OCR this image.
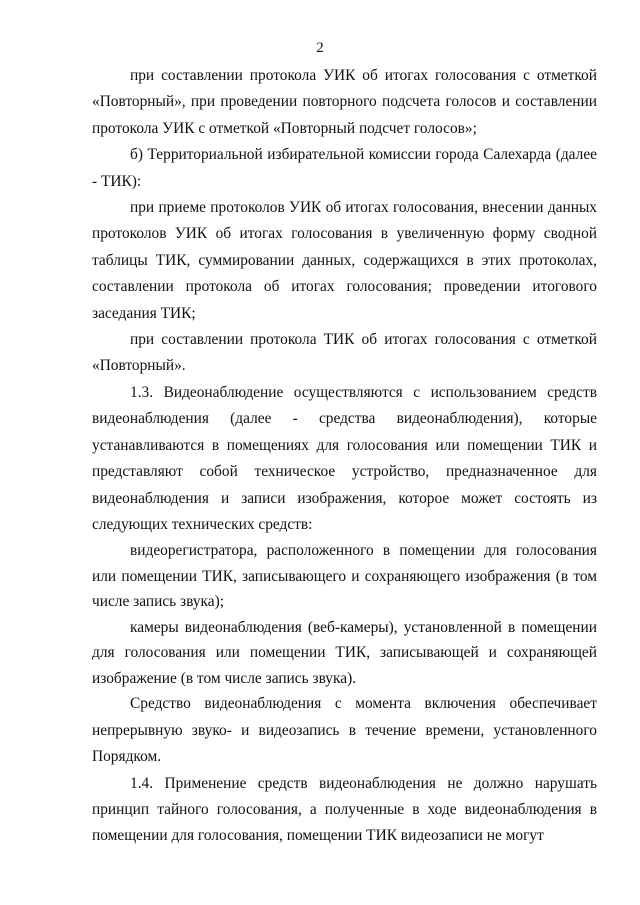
2

при составлении протокола УИК об итогах голосования с отметкой «Повторный», при проведении повторного подсчета голосов и составлении протокола УИК с отметкой «Повторный подсчет голосов»;

б) Территориальной избирательной комиссии города Салехарда (далее - ТИК):

при приеме протоколов УИК об итогах голосования, внесении данных протоколов УИК об итогах голосования в увеличенную форму сводной таблицы ТИК, суммировании данных, содержащихся в этих протоколах, составлении протокола об итогах голосования; проведении итогового заседания ТИК;

при составлении протокола ТИК об итогах голосования с отметкой «Повторный».

1.3. Видеонаблюдение осуществляются с использованием средств видеонаблюдения (далее - средства видеонаблюдения), которые устанавливаются в помещениях для голосования или помещении ТИК и представляют собой техническое устройство, предназначенное для видеонаблюдения и записи изображения, которое может состоять из следующих технических средств:

видеорегистратора, расположенного в помещении для голосования или помещении ТИК, записывающего и сохраняющего изображения (в том числе запись звука);

камеры видеонаблюдения (веб-камеры), установленной в помещении для голосования или помещении ТИК, записывающей и сохраняющей изображение (в том числе запись звука).

Средство видеонаблюдения с момента включения обеспечивает непрерывную звуко- и видеозапись в течение времени, установленного Порядком.

1.4. Применение средств видеонаблюдения не должно нарушать принцип тайного голосования, а полученные в ходе видеонаблюдения в помещении для голосования, помещении ТИК видеозаписи не могут
